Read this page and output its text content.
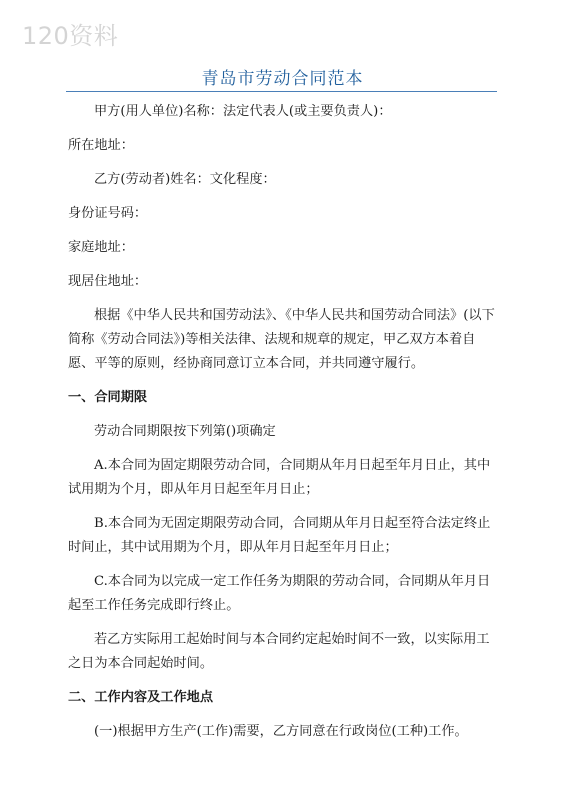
120资料
青岛市劳动合同范本

甲方(用人单位)名称：法定代表人(或主要负责人)：

所在地址：

乙方(劳动者)姓名：文化程度：

身份证号码：

家庭地址：

现居住地址：

根据《中华人民共和国劳动法》、《中华人民共和国劳动合同法》(以下简称《劳动合同法》)等相关法律、法规和规章的规定，甲乙双方本着自愿、平等的原则，经协商同意订立本合同，并共同遵守履行。

一、合同期限

劳动合同期限按下列第()项确定

A.本合同为固定期限劳动合同，合同期从年月日起至年月日止，其中试用期为个月，即从年月日起至年月日止；

B.本合同为无固定期限劳动合同，合同期从年月日起至符合法定终止时间止，其中试用期为个月，即从年月日起至年月日止；

C.本合同为以完成一定工作任务为期限的劳动合同，合同期从年月日起至工作任务完成即行终止。

若乙方实际用工起始时间与本合同约定起始时间不一致，以实际用工之日为本合同起始时间。

二、工作内容及工作地点

(一)根据甲方生产(工作)需要，乙方同意在行政岗位(工种)工作。
